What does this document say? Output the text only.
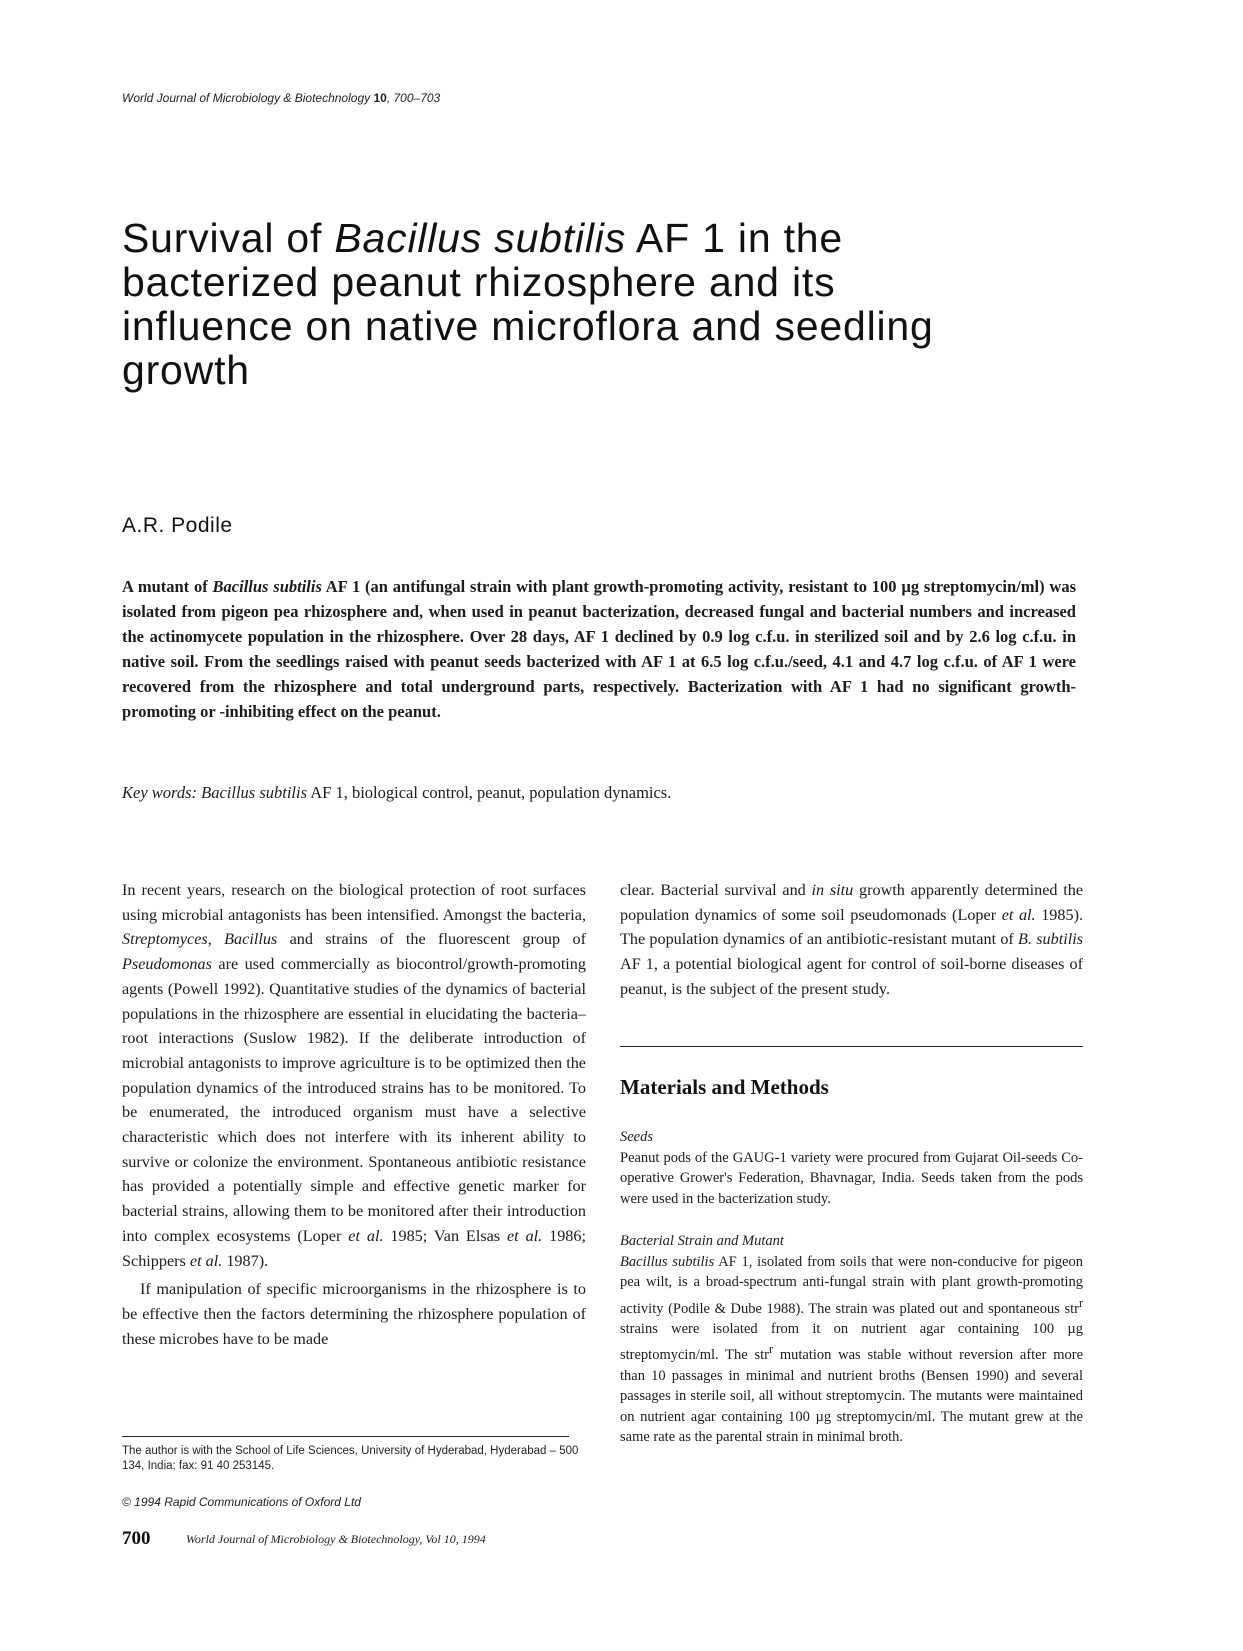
World Journal of Microbiology & Biotechnology 10, 700–703
Survival of Bacillus subtilis AF 1 in the
bacterized peanut rhizosphere and its
influence on native microflora and seedling
growth
A.R. Podile

A mutant of Bacillus subtilis AF 1 (an antifungal strain with plant growth-promoting activity, resistant to 100 µg streptomycin/ml) was isolated from pigeon pea rhizosphere and, when used in peanut bacterization, decreased fungal and bacterial numbers and increased the actinomycete population in the rhizosphere. Over 28 days, AF 1 declined by 0.9 log c.f.u. in sterilized soil and by 2.6 log c.f.u. in native soil. From the seedlings raised with peanut seeds bacterized with AF 1 at 6.5 log c.f.u./seed, 4.1 and 4.7 log c.f.u. of AF 1 were recovered from the rhizosphere and total underground parts, respectively. Bacterization with AF 1 had no significant growth-promoting or -inhibiting effect on the peanut.

Key words: Bacillus subtilis AF 1, biological control, peanut, population dynamics.

In recent years, research on the biological protection of root surfaces using microbial antagonists has been intensified. Amongst the bacteria, Streptomyces, Bacillus and strains of the fluorescent group of Pseudomonas are used commercially as biocontrol/growth-promoting agents (Powell 1992). Quantitative studies of the dynamics of bacterial populations in the rhizosphere are essential in elucidating the bacteria–root interactions (Suslow 1982). If the deliberate introduction of microbial antagonists to improve agriculture is to be optimized then the population dynamics of the introduced strains has to be monitored. To be enumerated, the introduced organism must have a selective characteristic which does not interfere with its inherent ability to survive or colonize the environment. Spontaneous antibiotic resistance has provided a potentially simple and effective genetic marker for bacterial strains, allowing them to be monitored after their introduction into complex ecosystems (Loper et al. 1985; Van Elsas et al. 1986; Schippers et al. 1987).

If manipulation of specific microorganisms in the rhizosphere is to be effective then the factors determining the rhizosphere population of these microbes have to be made

clear. Bacterial survival and in situ growth apparently determined the population dynamics of some soil pseudomonads (Loper et al. 1985). The population dynamics of an antibiotic-resistant mutant of B. subtilis AF 1, a potential biological agent for control of soil-borne diseases of peanut, is the subject of the present study.

Materials and Methods

Seeds

Peanut pods of the GAUG-1 variety were procured from Gujarat Oil-seeds Co-operative Grower's Federation, Bhavnagar, India. Seeds taken from the pods were used in the bacterization study.

Bacterial Strain and Mutant

Bacillus subtilis AF 1, isolated from soils that were non-conducive for pigeon pea wilt, is a broad-spectrum anti-fungal strain with plant growth-promoting activity (Podile & Dube 1988). The strain was plated out and spontaneous str$^r$ strains were isolated from it on nutrient agar containing 100 µg streptomycin/ml. The str$^r$ mutation was stable without reversion after more than 10 passages in minimal and nutrient broths (Bensen 1990) and several passages in sterile soil, all without streptomycin. The mutants were maintained on nutrient agar containing 100 µg streptomycin/ml. The mutant grew at the same rate as the parental strain in minimal broth.

The author is with the School of Life Sciences, University of Hyderabad, Hyderabad – 500 134, India; fax: 91 40 253145.
© 1994 Rapid Communications of Oxford Ltd
700	World Journal of Microbiology & Biotechnology, Vol 10, 1994
